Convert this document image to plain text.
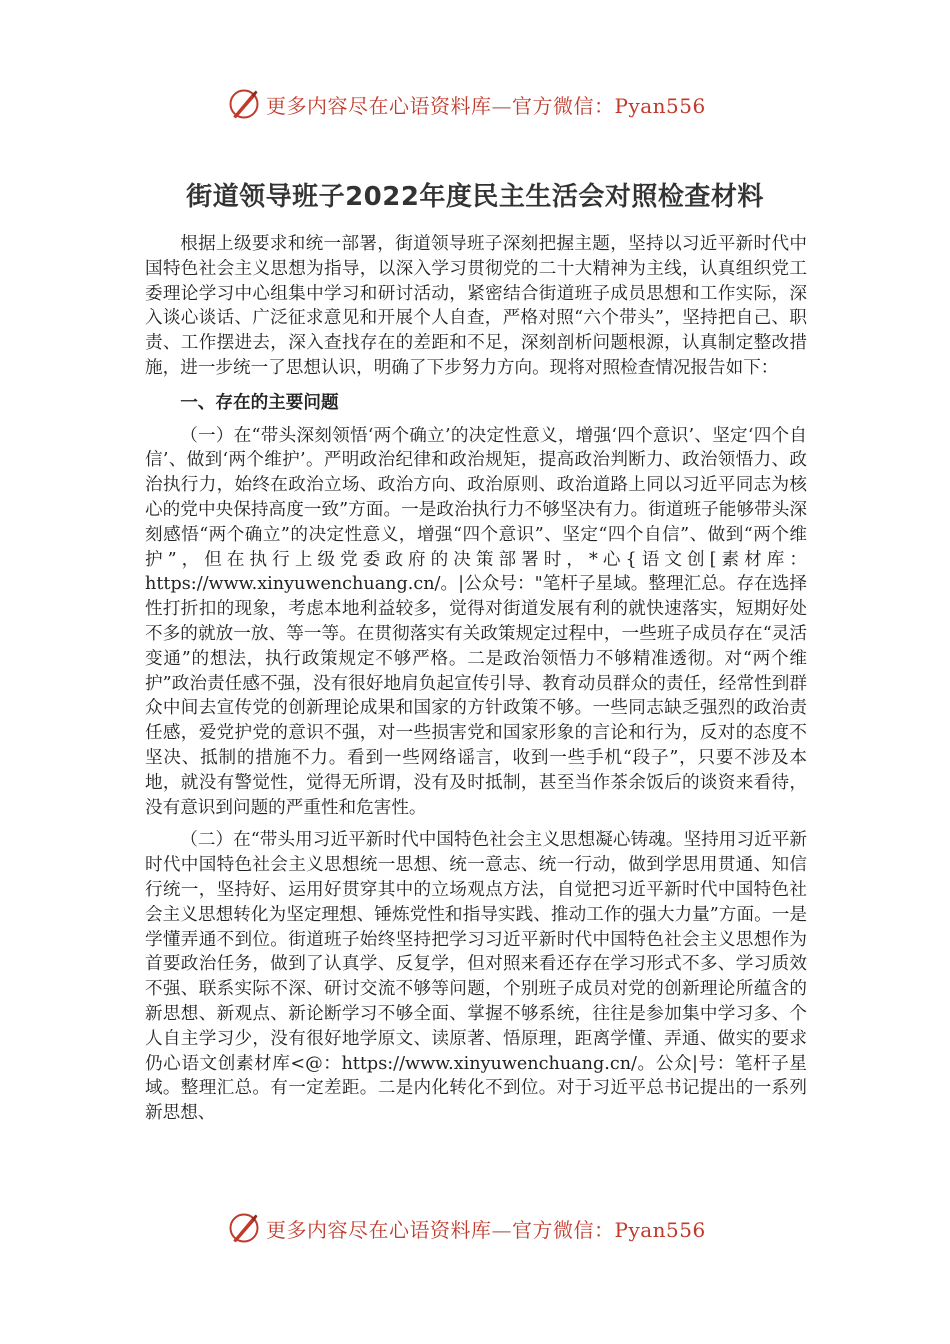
更多内容尽在心语资料库—官方微信：Pyan556
街道领导班子2022年度民主生活会对照检查材料

根据上级要求和统一部署，街道领导班子深刻把握主题，坚持以习近平新时代中国特色社会主义思想为指导，以深入学习贯彻党的二十大精神为主线，认真组织党工委理论学习中心组集中学习和研讨活动，紧密结合街道班子成员思想和工作实际，深入谈心谈话、广泛征求意见和开展个人自查，严格对照“六个带头”，坚持把自己、职责、工作摆进去，深入查找存在的差距和不足，深刻剖析问题根源，认真制定整改措施，进一步统一了思想认识，明确了下步努力方向。现将对照检查情况报告如下：

一、存在的主要问题

（一）在“带头深刻领悟‘两个确立’的决定性意义，增强‘四个意识’、坚定‘四个自信’、做到‘两个维护’。严明政治纪律和政治规矩，提高政治判断力、政治领悟力、政治执行力，始终在政治立场、政治方向、政治原则、政治道路上同以习近平同志为核心的党中央保持高度一致”方面。一是政治执行力不够坚决有力。街道班子能够带头深刻感悟“两个确立”的决定性意义，增强“四个意识”、坚定“四个自信”、做到“两个维护”，但在执行上级党委政府的决策部署时，*心{语文创[素材库：https://www.xinyuwenchuang.cn/。|公众号："笔杆子星域。整理汇总。存在选择性打折扣的现象，考虑本地利益较多，觉得对街道发展有利的就快速落实，短期好处不多的就放一放、等一等。在贯彻落实有关政策规定过程中，一些班子成员存在“灵活变通”的想法，执行政策规定不够严格。二是政治领悟力不够精准透彻。对“两个维护”政治责任感不强，没有很好地肩负起宣传引导、教育动员群众的责任，经常性到群众中间去宣传党的创新理论成果和国家的方针政策不够。一些同志缺乏强烈的政治责任感，爱党护党的意识不强，对一些损害党和国家形象的言论和行为，反对的态度不坚决、抵制的措施不力。看到一些网络谣言，收到一些手机“段子”，只要不涉及本地，就没有警觉性，觉得无所谓，没有及时抵制，甚至当作茶余饭后的谈资来看待，没有意识到问题的严重性和危害性。

（二）在“带头用习近平新时代中国特色社会主义思想凝心铸魂。坚持用习近平新时代中国特色社会主义思想统一思想、统一意志、统一行动，做到学思用贯通、知信行统一，坚持好、运用好贯穿其中的立场观点方法，自觉把习近平新时代中国特色社会主义思想转化为坚定理想、锤炼党性和指导实践、推动工作的强大力量”方面。一是学懂弄通不到位。街道班子始终坚持把学习习近平新时代中国特色社会主义思想作为首要政治任务，做到了认真学、反复学，但对照来看还存在学习形式不多、学习质效不强、联系实际不深、研讨交流不够等问题，个别班子成员对党的创新理论所蕴含的新思想、新观点、新论断学习不够全面、掌握不够系统，往往是参加集中学习多、个人自主学习少，没有很好地学原文、读原著、悟原理，距离学懂、弄通、做实的要求仍心语文创素材库<@：https://www.xinyuwenchuang.cn/。公众|号：笔杆子星域。整理汇总。有一定差距。二是内化转化不到位。对于习近平总书记提出的一系列新思想、

更多内容尽在心语资料库—官方微信：Pyan556
